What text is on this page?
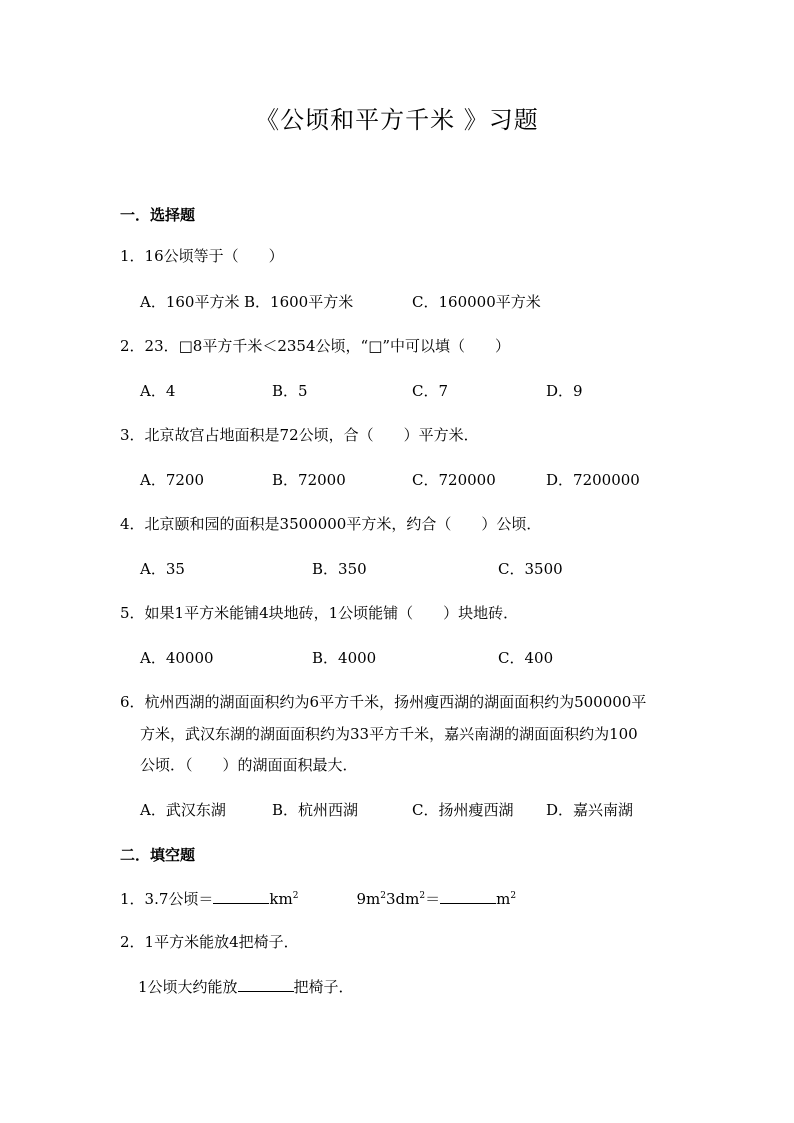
《公顷和平方千米 》习题
一．选择题
1．16公顷等于（　　）
A．160平方米 B．1600平方米	C．160000平方米
2．23．□8平方千米＜2354公顷，“□”中可以填（　　）
A．4	B．5	C．7	D．9
3．北京故宫占地面积是72公顷，合（　　）平方米．
A．7200	B．72000	C．720000	D．7200000
4．北京颐和园的面积是3500000平方米，约合（　　）公顷．
A．35	B．350	C．3500
5．如果1平方米能铺4块地砖，1公顷能铺（　　）块地砖．
A．40000	B．4000	C．400
6．杭州西湖的湖面面积约为6平方千米，扬州瘦西湖的湖面面积约为500000平
方米，武汉东湖的湖面面积约为33平方千米，嘉兴南湖的湖面面积约为100
公顷．（　　）的湖面面积最大．
A．武汉东湖	B．杭州西湖	C．扬州瘦西湖 D．嘉兴南湖
二．填空题
1．3.7公顷＝	$km^2$	$9m^23dm^2=$	$m^2$
2．1平方米能放4把椅子．
1公顷大约能放	把椅子．
